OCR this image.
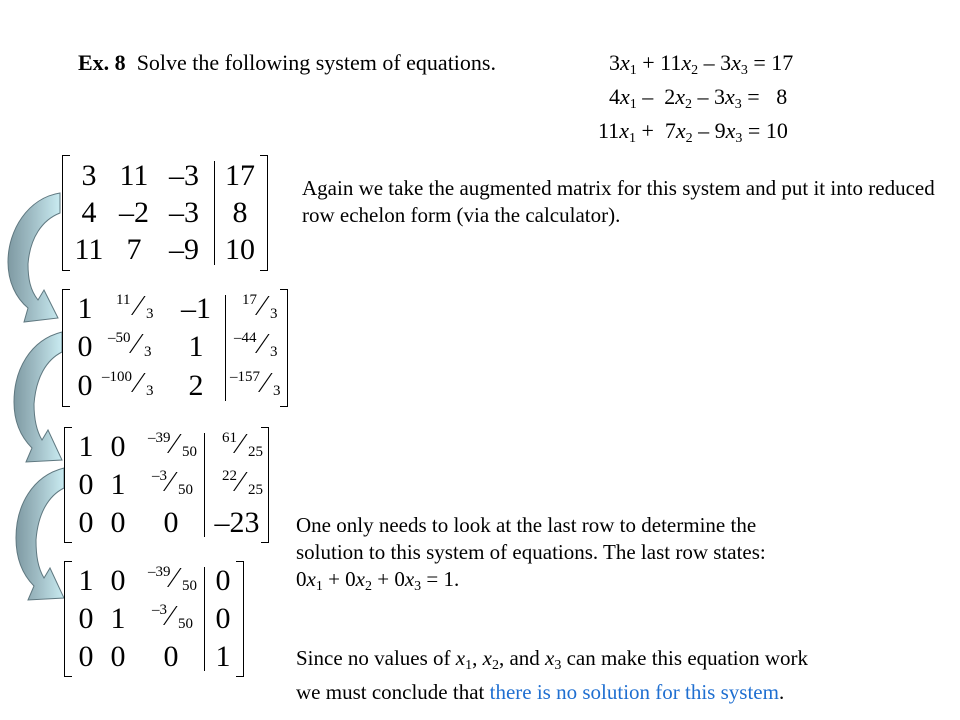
Ex. 8 Solve the following system of equations.	$3x_1 + 11x_2 - 3x_3 = 17$
$4x_1 - 2x_2 - 3x_3 = 8$
$11x_1 + 7x_2 - 9x_3 = 10$
Again we take the augmented matrix for this system and put it into reduced row echelon form (via the calculator).
3 11 –3 17
4 –2 –3	8
11 7 –9 10
1
0
0
11 ⁄ 3
–50 ⁄ 3
–100 ⁄ 3
–1
1
2
17 ⁄ 3
–44 ⁄ 3
–157 ⁄ 3
1
0
0
0
1
0
–39 ⁄ 50
–3 ⁄ 50
0
61 ⁄ 25
22 ⁄ 25
–23
1
0
0
0
1
0
–39 ⁄ 50
–3 ⁄ 50
0
0
0
1
One only needs to look at the last row to determine the
solution to this system of equations. The last row states:
$0x_1 + 0x_2 + 0x_3 = 1$.
Since no values of $x_1$, $x_2$, and $x_3$ can make this equation work
we must conclude that there is no solution for this system.
